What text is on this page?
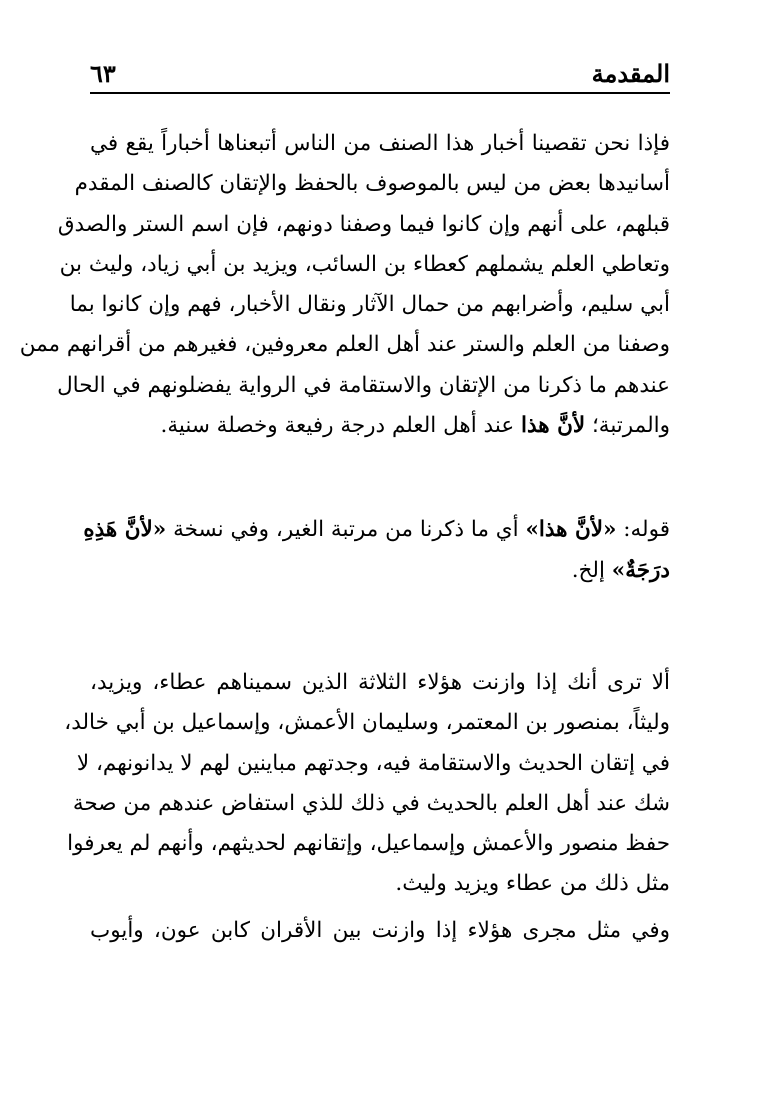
المقدمة
٦٣

فإذا نحن تقصينا أخبار هذا الصنف من الناس أتبعناها أخباراً يقع في
أسانيدها بعض من ليس بالموصوف بالحفظ والإتقان كالصنف المقدم
قبلهم، على أنهم وإن كانوا فيما وصفنا دونهم، فإن اسم الستر والصدق
وتعاطي العلم يشملهم كعطاء بن السائب، ويزيد بن أبي زياد، وليث بن
أبي سليم، وأضرابهم من حمال الآثار ونقال الأخبار، فهم وإن كانوا بما
وصفنا من العلم والستر عند أهل العلم معروفين، فغيرهم من أقرانهم ممن
عندهم ما ذكرنا من الإتقان والاستقامة في الرواية يفضلونهم في الحال
والمرتبة؛ لأنَّ هذا عند أهل العلم درجة رفيعة وخصلة سنية.

قوله: «لأنَّ هذا» أي ما ذكرنا من مرتبة الغير، وفي نسخة «لأنَّ هَذِهِ
درَجَةٌ» إلخ.

ألا ترى أنك إذا وازنت هؤلاء الثلاثة الذين سميناهم عطاء، ويزيد،
وليثاً، بمنصور بن المعتمر، وسليمان الأعمش، وإسماعيل بن أبي خالد،
في إتقان الحديث والاستقامة فيه، وجدتهم مباينين لهم لا يدانونهم، لا
شك عند أهل العلم بالحديث في ذلك للذي استفاض عندهم من صحة
حفظ منصور والأعمش وإسماعيل، وإتقانهم لحديثهم، وأنهم لم يعرفوا
مثل ذلك من عطاء ويزيد وليث.
وفي مثل مجرى هؤلاء إذا وازنت بين الأقران كابن عون، وأيوب
